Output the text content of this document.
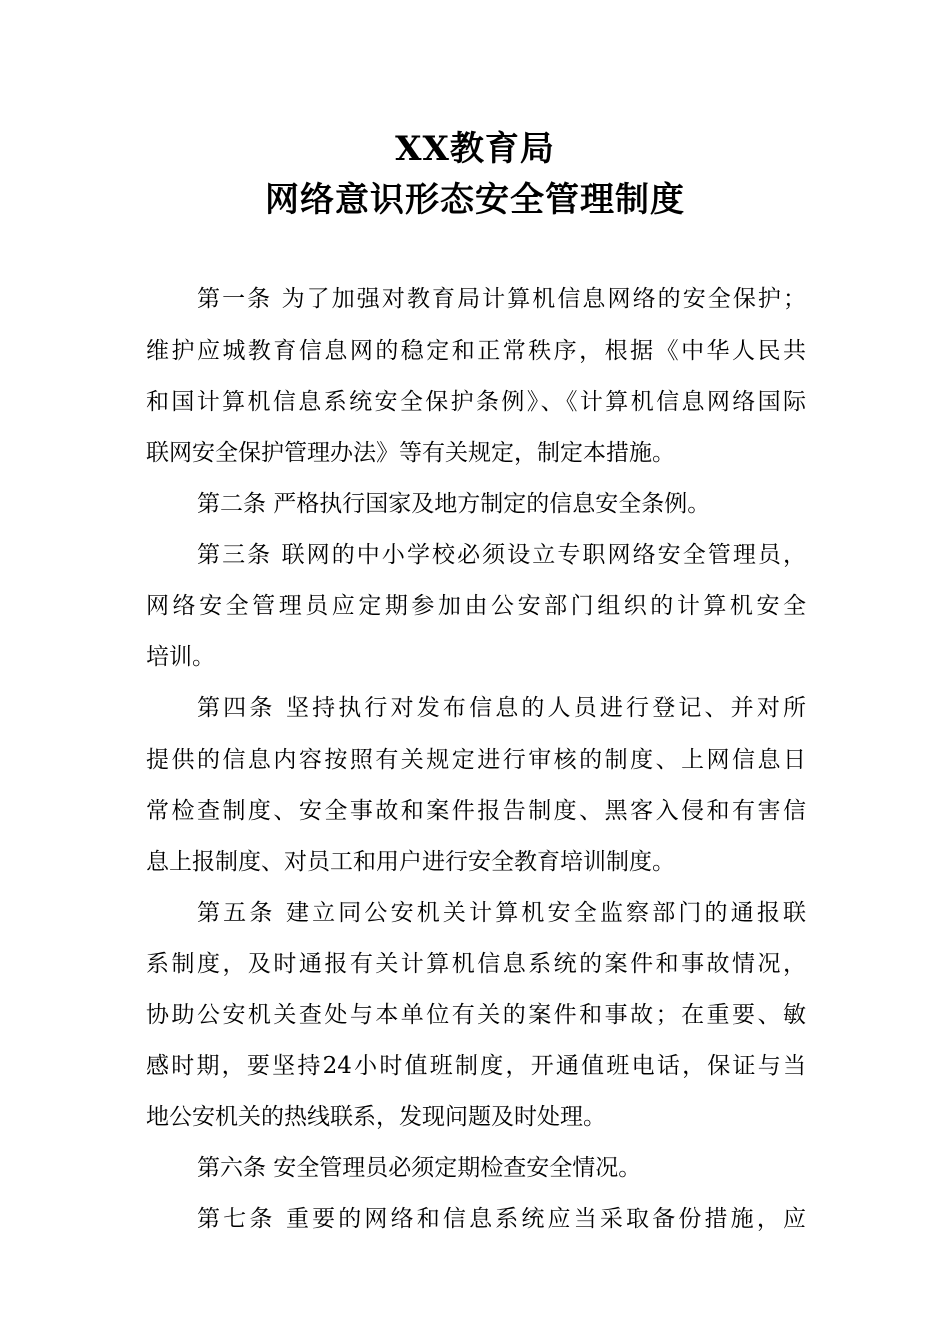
XX教育局
网络意识形态安全管理制度
第一条 为了加强对教育局计算机信息网络的安全保护；
维护应城教育信息网的稳定和正常秩序，根据《中华人民共
和国计算机信息系统安全保护条例》、《计算机信息网络国际
联网安全保护管理办法》等有关规定，制定本措施。
第二条 严格执行国家及地方制定的信息安全条例。
第三条 联网的中小学校必须设立专职网络安全管理员，
网络安全管理员应定期参加由公安部门组织的计算机安全
培训。
第四条 坚持执行对发布信息的人员进行登记、并对所
提供的信息内容按照有关规定进行审核的制度、上网信息日
常检查制度、安全事故和案件报告制度、黑客入侵和有害信
息上报制度、对员工和用户进行安全教育培训制度。
第五条 建立同公安机关计算机安全监察部门的通报联
系制度，及时通报有关计算机信息系统的案件和事故情况，
协助公安机关查处与本单位有关的案件和事故；在重要、敏
感时期，要坚持24小时值班制度，开通值班电话，保证与当
地公安机关的热线联系，发现问题及时处理。
第六条 安全管理员必须定期检查安全情况。
第七条 重要的网络和信息系统应当采取备份措施，应
